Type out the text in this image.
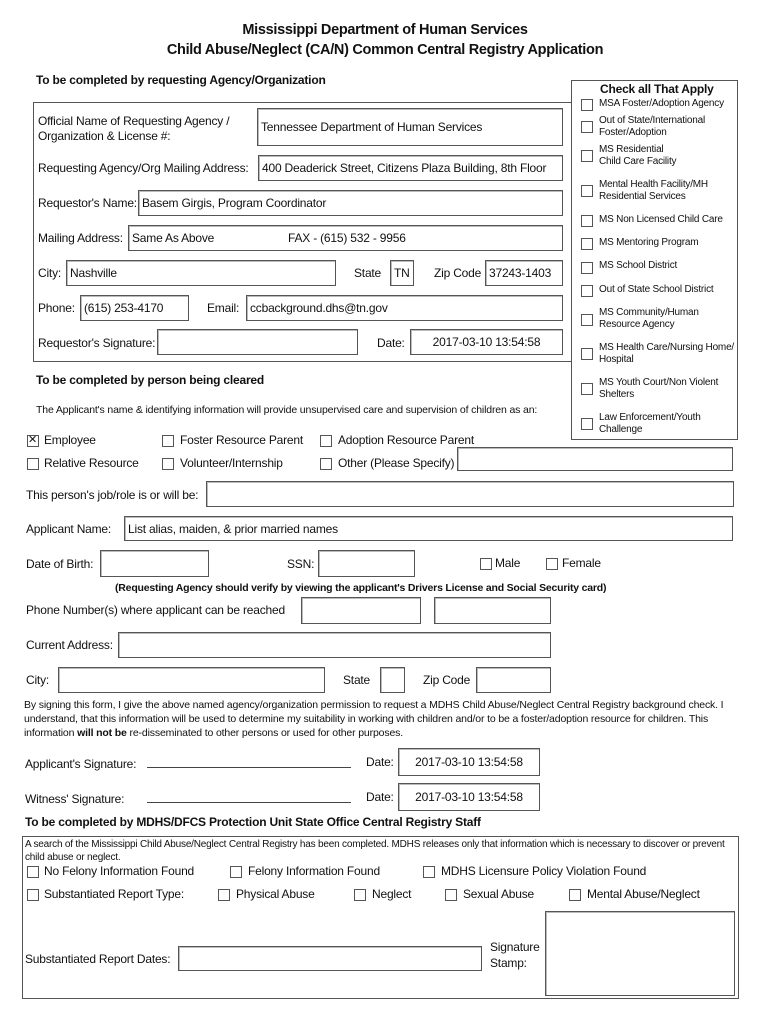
Mississippi Department of Human Services
Child Abuse/Neglect (CA/N) Common Central Registry Application
To be completed by requesting Agency/Organization
Official Name of Requesting Agency /
Organization & License #:
Tennessee Department of Human Services
Requesting Agency/Org Mailing Address:	400 Deaderick Street, Citizens Plaza Building, 8th Floor
Requestor's Name: Basem Girgis, Program Coordinator
Mailing Address: Same As Above	FAX - (615) 532 - 9956
City: Nashville	State	TN	Zip Code 37243-1403
Phone: (615) 253-4170	Email: ccbackground.dhs@tn.gov
Requestor's Signature:	Date:	2017-03-10 13:54:58
Check all That Apply
MSA Foster/Adoption Agency
Out of State/International
Foster/Adoption
MS Residential
Child Care Facility
Mental Health Facility/MH
Residential Services
MS Non Licensed Child Care
MS Mentoring Program
MS School District
Out of State School District
MS Community/Human
Resource Agency
MS Health Care/Nursing Home/
Hospital
MS Youth Court/Non Violent
Shelters
Law Enforcement/Youth
Challenge
To be completed by person being cleared
The Applicant's name & identifying information will provide unsupervised care and supervision of children as an:
✕
Employee	Foster Resource Parent	Adoption Resource Parent
Relative Resource	Volunteer/Internship	Other (Please Specify)
This person's job/role is or will be:
Applicant Name:	List alias, maiden, & prior married names
Date of Birth:	SSN:	Male	Female
(Requesting Agency should verify by viewing the applicant's Drivers License and Social Security card)
Phone Number(s) where applicant can be reached
Current Address:
City:	State	Zip Code
By signing this form, I give the above named agency/organization permission to request a MDHS Child Abuse/Neglect Central Registry background check. I understand, that this information will be used to determine my suitability in working with children and/or to be a foster/adoption resource for children. This information will not be re-disseminated to other persons or used for other purposes.
Applicant's Signature:	Date:	2017-03-10 13:54:58
Witness' Signature:	Date:	2017-03-10 13:54:58
To be completed by MDHS/DFCS Protection Unit State Office Central Registry Staff
A search of the Mississippi Child Abuse/Neglect Central Registry has been completed. MDHS releases only that information which is necessary to discover or prevent child abuse or neglect.
No Felony Information Found	Felony Information Found	MDHS Licensure Policy Violation Found
Substantiated Report Type:	Physical Abuse	Neglect	Sexual Abuse	Mental Abuse/Neglect
Substantiated Report Dates:
Signature
Stamp:
